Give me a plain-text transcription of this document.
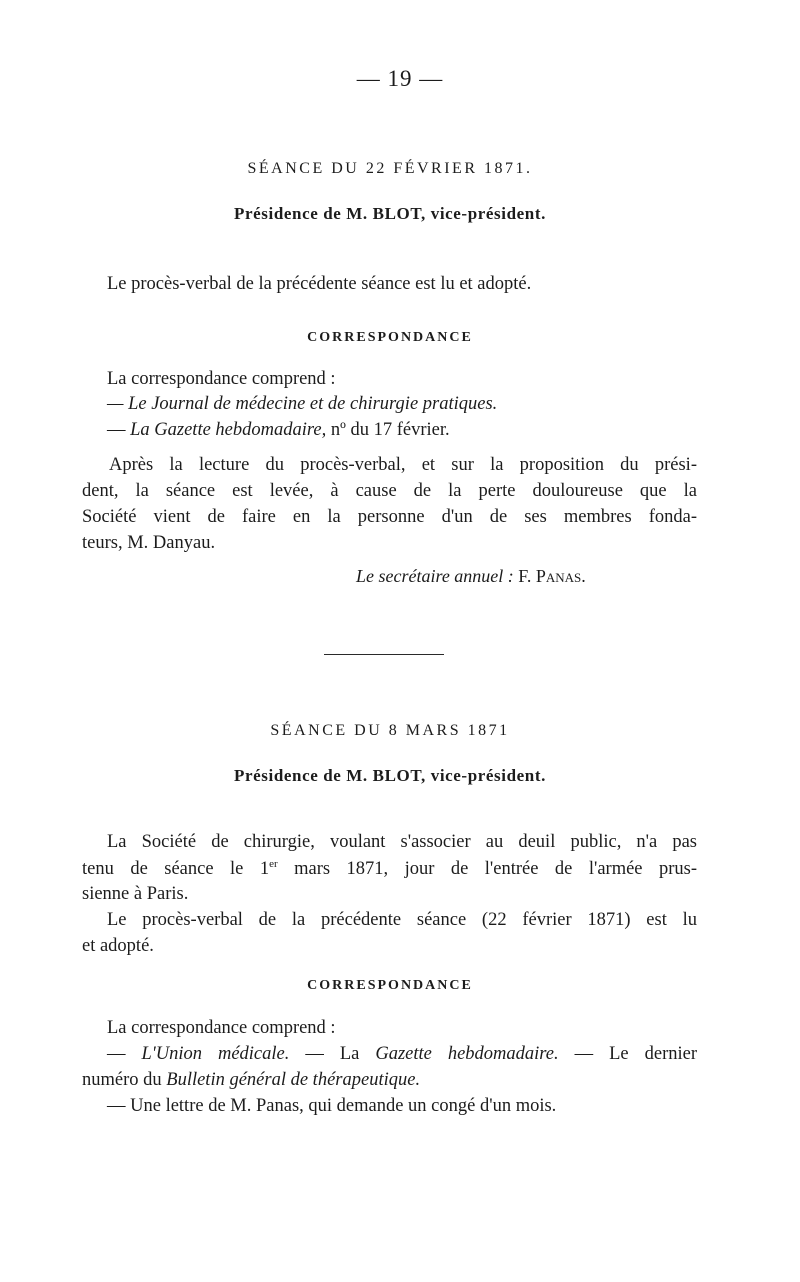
— 19 —
SÉANCE DU 22 FÉVRIER 1871.
Présidence de M. BLOT, vice-président.
Le procès-verbal de la précédente séance est lu et adopté.
CORRESPONDANCE
La correspondance comprend :
— Le Journal de médecine et de chirurgie pratiques.
— La Gazette hebdomadaire, nº du 17 février.
Après la lecture du procès-verbal, et sur la proposition du prési-
dent, la séance est levée, à cause de la perte douloureuse que la
Société vient de faire en la personne d'un de ses membres fonda-
teurs, M. Danyau.
Le secrétaire annuel : F. Panas.
SÉANCE DU 8 MARS 1871
Présidence de M. BLOT, vice-président.
La Société de chirurgie, voulant s'associer au deuil public, n'a pas
tenu de séance le 1er mars 1871, jour de l'entrée de l'armée prus-
sienne à Paris.
Le procès-verbal de la précédente séance (22 février 1871) est lu
et adopté.
CORRESPONDANCE
La correspondance comprend :
— L'Union médicale. — La Gazette hebdomadaire. — Le dernier
numéro du Bulletin général de thérapeutique.
— Une lettre de M. Panas, qui demande un congé d'un mois.
